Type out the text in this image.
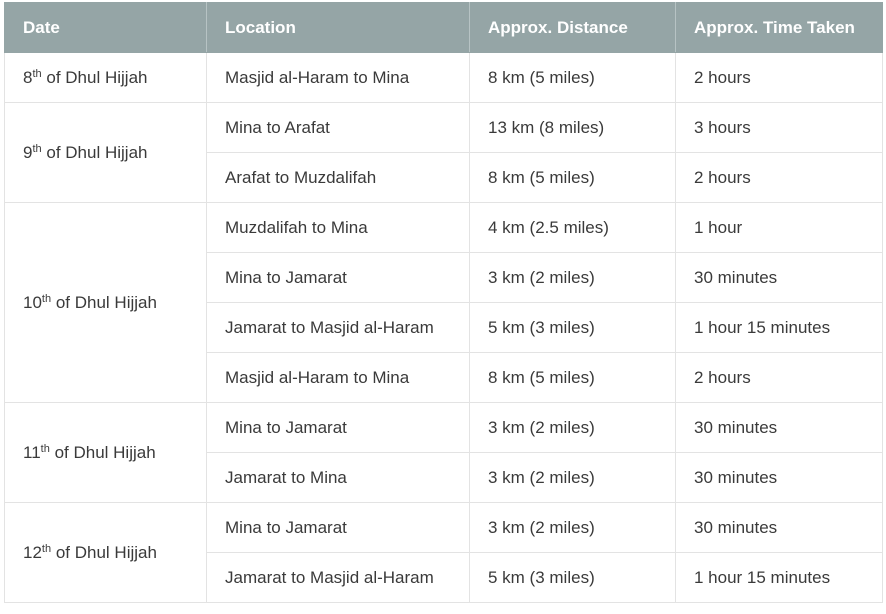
Date	Location	Approx. Distance	Approx. Time Taken
8th of Dhul Hijjah	Masjid al-Haram to Mina	8 km (5 miles)	2 hours
9th of Dhul Hijjah	Mina to Arafat	13 km (8 miles)	3 hours
	Arafat to Muzdalifah	8 km (5 miles)	2 hours
10th of Dhul Hijjah	Muzdalifah to Mina	4 km (2.5 miles)	1 hour
	Mina to Jamarat	3 km (2 miles)	30 minutes
	Jamarat to Masjid al-Haram	5 km (3 miles)	1 hour 15 minutes
	Masjid al-Haram to Mina	8 km (5 miles)	2 hours
11th of Dhul Hijjah	Mina to Jamarat	3 km (2 miles)	30 minutes
	Jamarat to Mina	3 km (2 miles)	30 minutes
12th of Dhul Hijjah	Mina to Jamarat	3 km (2 miles)	30 minutes
	Jamarat to Masjid al-Haram	5 km (3 miles)	1 hour 15 minutes
